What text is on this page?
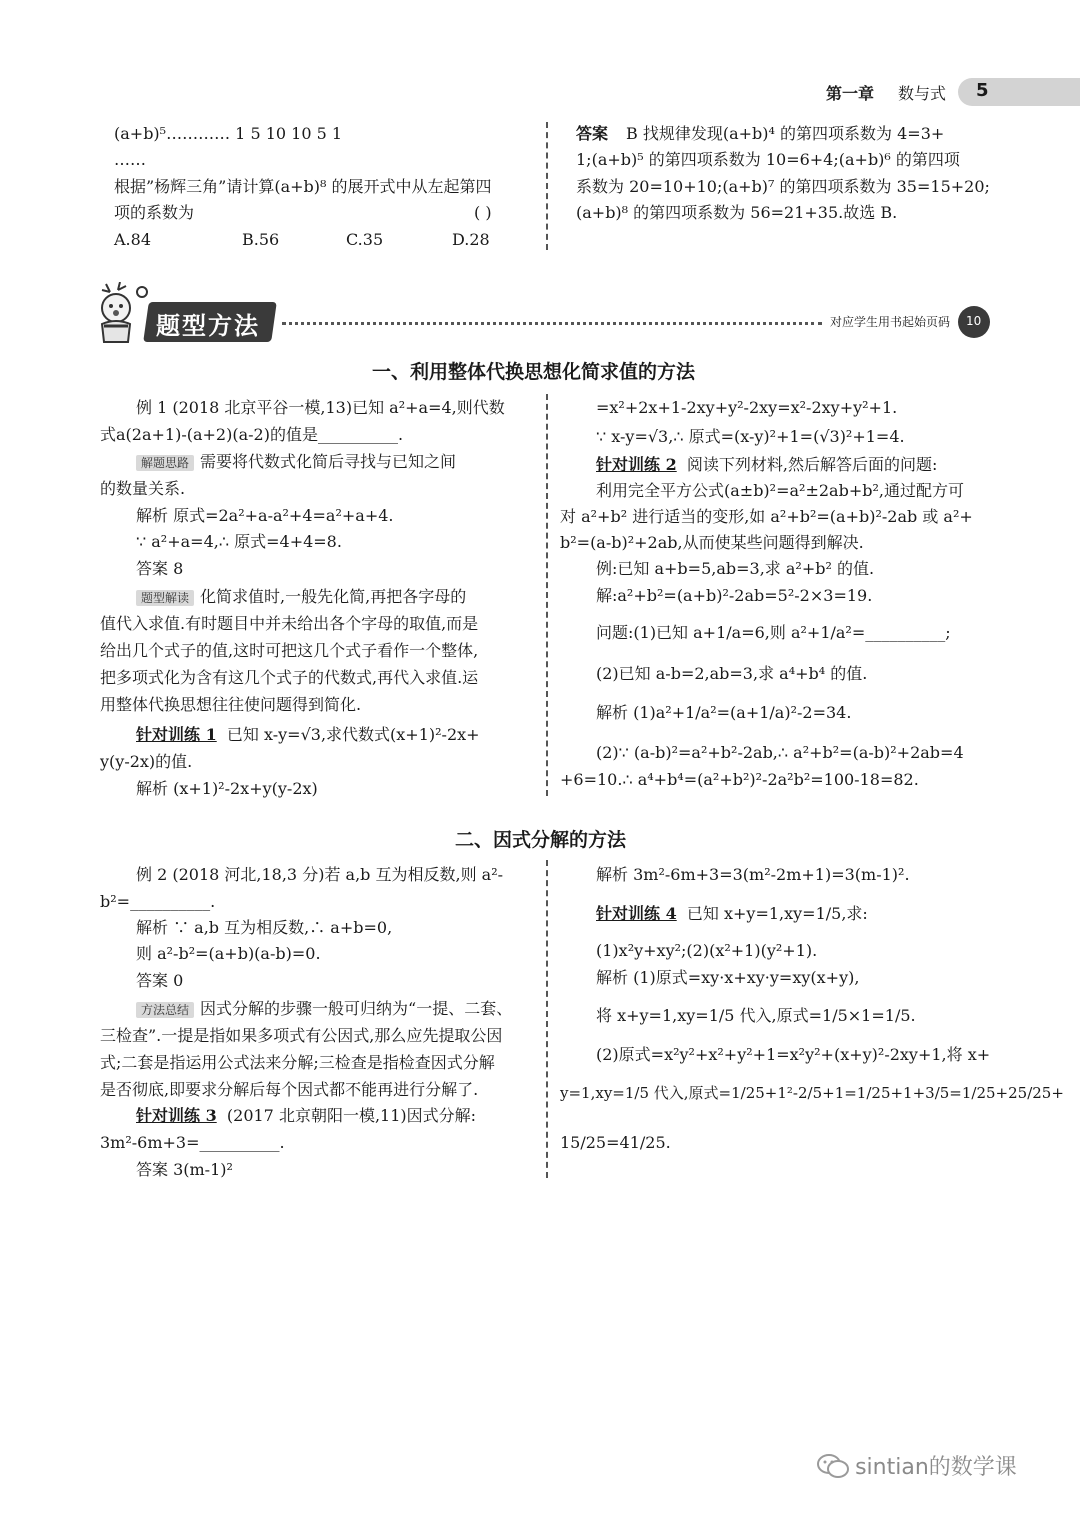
第一章 数与式 5
(a+b)⁵………… 1 5 10 10 5 1
……
根据”杨辉三角”请计算(a+b)⁸ 的展开式中从左起第四
项的系数为	( )
A.84	B.56	C.35	D.28
答案 B 找规律发现(a+b)⁴ 的第四项系数为 4=3+
1;(a+b)⁵ 的第四项系数为 10=6+4;(a+b)⁶ 的第四项
系数为 20=10+10;(a+b)⁷ 的第四项系数为 35=15+20;
(a+b)⁸ 的第四项系数为 56=21+35.故选 B.
题型方法	对应学生用书起始页码 10
一、利用整体代换思想化简求值的方法
例 1 (2018 北京平谷一模,13)已知 a²+a=4,则代数
式a(2a+1)-(a+2)(a-2)的值是__________.
解题思路 需要将代数式化简后寻找与已知之间
的数量关系.
解析 原式=2a²+a-a²+4=a²+a+4.
∵ a²+a=4,∴ 原式=4+4=8.
答案 8
题型解读 化简求值时,一般先化简,再把各字母的
值代入求值.有时题目中并未给出各个字母的取值,而是
给出几个式子的值,这时可把这几个式子看作一个整体,
把多项式化为含有这几个式子的代数式,再代入求值.运
用整体代换思想往往使问题得到简化.
针对训练 1 已知 x-y=√3,求代数式(x+1)²-2x+
y(y-2x)的值.
解析 (x+1)²-2x+y(y-2x)
=x²+2x+1-2xy+y²-2xy=x²-2xy+y²+1.
∵ x-y=√3,∴ 原式=(x-y)²+1=(√3)²+1=4.
针对训练 2 阅读下列材料,然后解答后面的问题:
利用完全平方公式(a±b)²=a²±2ab+b²,通过配方可
对 a²+b² 进行适当的变形,如 a²+b²=(a+b)²-2ab 或 a²+
b²=(a-b)²+2ab,从而使某些问题得到解决.
例:已知 a+b=5,ab=3,求 a²+b² 的值.
解:a²+b²=(a+b)²-2ab=5²-2×3=19.
问题:(1)已知 a+1/a=6,则 a²+1/a²=__________;
(2)已知 a-b=2,ab=3,求 a⁴+b⁴ 的值.
解析 (1)a²+1/a²=(a+1/a)²-2=34.
(2)∵ (a-b)²=a²+b²-2ab,∴ a²+b²=(a-b)²+2ab=4
+6=10.∴ a⁴+b⁴=(a²+b²)²-2a²b²=100-18=82.
二、因式分解的方法
例 2 (2018 河北,18,3 分)若 a,b 互为相反数,则 a²-
b²=__________.
解析 ∵ a,b 互为相反数,∴ a+b=0,
则 a²-b²=(a+b)(a-b)=0.
答案 0
方法总结 因式分解的步骤一般可归纳为“一提、二套、
三检查”.一提是指如果多项式有公因式,那么应先提取公因
式;二套是指运用公式法来分解;三检查是指检查因式分解
是否彻底,即要求分解后每个因式都不能再进行分解了.
针对训练 3 (2017 北京朝阳一模,11)因式分解:
3m²-6m+3=__________.
答案 3(m-1)²
解析 3m²-6m+3=3(m²-2m+1)=3(m-1)².
针对训练 4 已知 x+y=1,xy=1/5,求:
(1)x²y+xy²;(2)(x²+1)(y²+1).
解析 (1)原式=xy·x+xy·y=xy(x+y),
将 x+y=1,xy=1/5 代入,原式=1/5×1=1/5.
(2)原式=x²y²+x²+y²+1=x²y²+(x+y)²-2xy+1,将 x+
y=1,xy=1/5 代入,原式=1/25+1²-2/5+1=1/25+1+3/5=1/25+25/25+
15/25=41/25.
sintian的数学课
